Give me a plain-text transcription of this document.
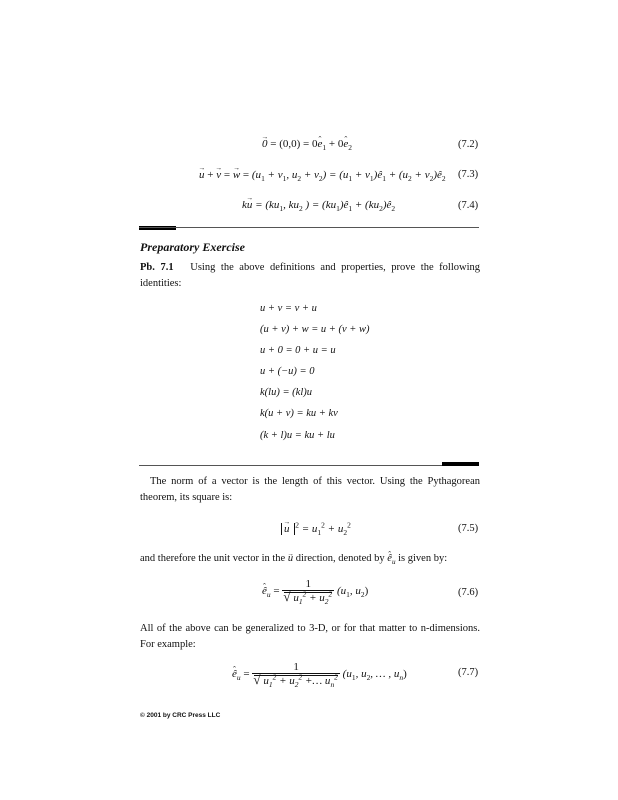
→ 0 = (0,0) = 0ˆ $e_1$ + 0ˆ $e_2$	(7.2)
→ u + → v = → $w = (u_1 + v_1$, $u_2 + v_2) = (u_1$ + $v_1)ê_1 + (u_2$ + $v_2)ê_2$ (7.3)
$k\to u = (ku_1$, $ku_2$ ) = $(ku_1)ê_1$ + $(ku_2)ê_2$	(7.4)
Preparatory Exercise
Pb. 7.1 Using the above definitions and properties, prove the following identities:
u + v = v + u
(u + v) + w = u + (v + w)
u + 0 = 0 + u = u
u + (−u) = 0
k(lu) = (kl)u
k(u + v) = ku + kv
(k + l)u = ku + lu
The norm of a vector is the length of this vector. Using the Pythagorean theorem, its square is:
→ u $^2 = u_1^2 + u_2^2$	(7.5)
and therefore the unit vector in the → u direction, denoted by ˆ $ê_u$ is given by:
ˆ $ê_u = 1$
√ $u_1^2 + u_2^2$ ($u_1$, $u_2$)	(7.6)
All of the above can be generalized to 3-D, or for that matter to n-dimensions. For example:
ˆ $ê_u = 1$
√ $u_1^2 + u_2^2$ +… $u_n^2$ ($u_1$, $u_2$, … , $u_n$)	(7.7)
© 2001 by CRC Press LLC
